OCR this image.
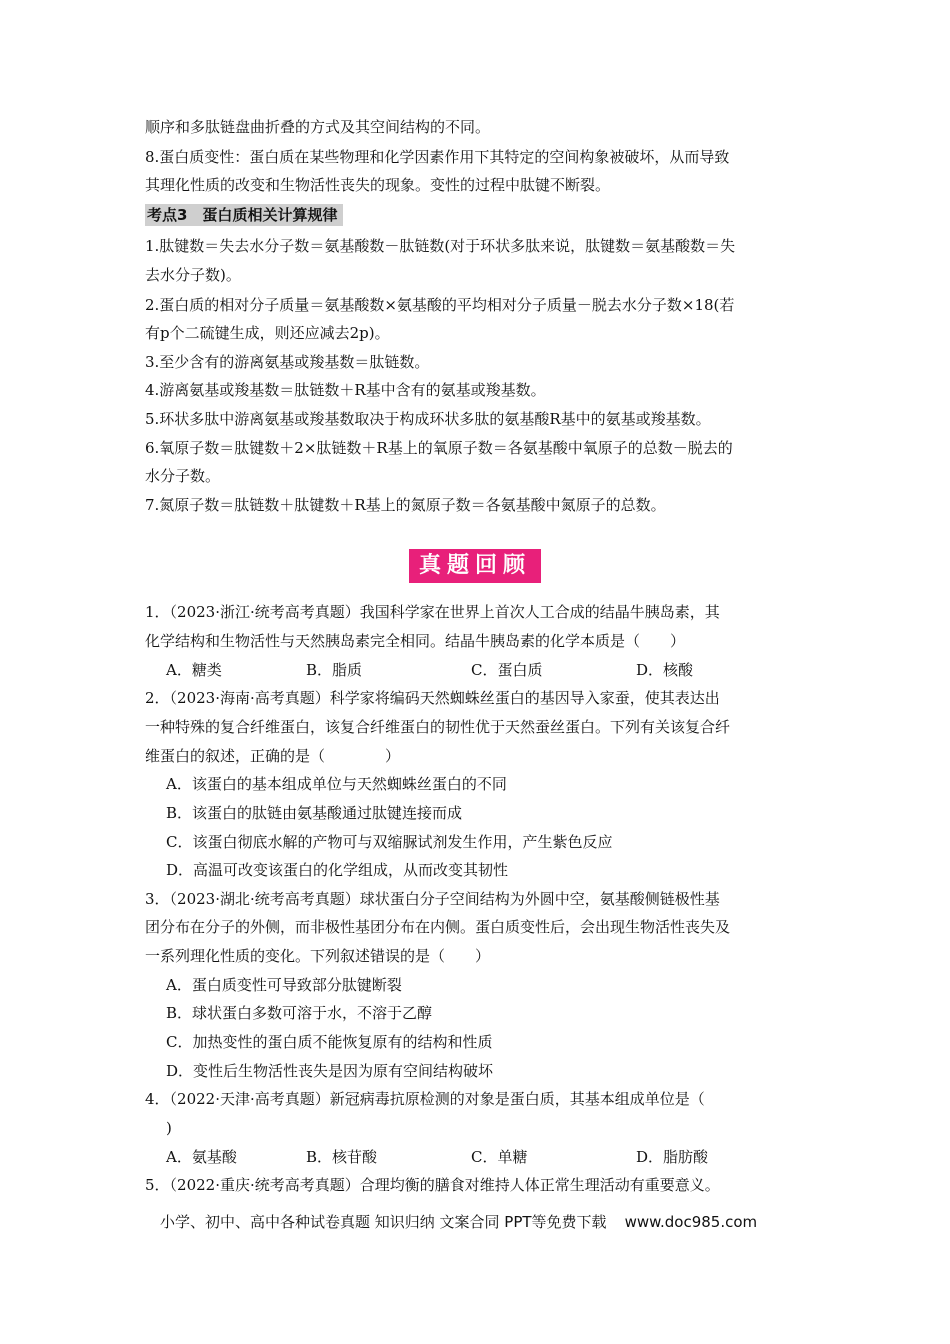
顺序和多肽链盘曲折叠的方式及其空间结构的不同。
8.蛋白质变性：蛋白质在某些物理和化学因素作用下其特定的空间构象被破坏，从而导致
其理化性质的改变和生物活性丧失的现象。变性的过程中肽键不断裂。
考点3　蛋白质相关计算规律
1.肽键数＝失去水分子数＝氨基酸数－肽链数(对于环状多肽来说，肽键数＝氨基酸数＝失
去水分子数)。
2.蛋白质的相对分子质量＝氨基酸数×氨基酸的平均相对分子质量－脱去水分子数×18(若
有p个二硫键生成，则还应减去2p)。
3.至少含有的游离氨基或羧基数＝肽链数。
4.游离氨基或羧基数＝肽链数＋R基中含有的氨基或羧基数。
5.环状多肽中游离氨基或羧基数取决于构成环状多肽的氨基酸R基中的氨基或羧基数。
6.氧原子数＝肽键数＋2×肽链数＋R基上的氧原子数＝各氨基酸中氧原子的总数－脱去的
水分子数。
7.氮原子数＝肽链数＋肽键数＋R基上的氮原子数＝各氨基酸中氮原子的总数。
真题回顾
1．（2023·浙江·统考高考真题）我国科学家在世界上首次人工合成的结晶牛胰岛素，其
化学结构和生物活性与天然胰岛素完全相同。结晶牛胰岛素的化学本质是（　　）
A．糖类	B．脂质	C．蛋白质	D．核酸
2．（2023·海南·高考真题）科学家将编码天然蜘蛛丝蛋白的基因导入家蚕，使其表达出
一种特殊的复合纤维蛋白，该复合纤维蛋白的韧性优于天然蚕丝蛋白。下列有关该复合纤
维蛋白的叙述，正确的是（　　　　）
A．该蛋白的基本组成单位与天然蜘蛛丝蛋白的不同
B．该蛋白的肽链由氨基酸通过肽键连接而成
C．该蛋白彻底水解的产物可与双缩脲试剂发生作用，产生紫色反应
D．高温可改变该蛋白的化学组成，从而改变其韧性
3．（2023·湖北·统考高考真题）球状蛋白分子空间结构为外圆中空，氨基酸侧链极性基
团分布在分子的外侧，而非极性基团分布在内侧。蛋白质变性后，会出现生物活性丧失及
一系列理化性质的变化。下列叙述错误的是（　　）
A．蛋白质变性可导致部分肽键断裂
B．球状蛋白多数可溶于水，不溶于乙醇
C．加热变性的蛋白质不能恢复原有的结构和性质
D．变性后生物活性丧失是因为原有空间结构破坏
4．（2022·天津·高考真题）新冠病毒抗原检测的对象是蛋白质，其基本组成单位是（
)
A．氨基酸	B．核苷酸	C．单糖	D．脂肪酸
5．（2022·重庆·统考高考真题）合理均衡的膳食对维持人体正常生理活动有重要意义。
小学、初中、高中各种试卷真题 知识归纳 文案合同 PPT等免费下载 www.doc985.com
